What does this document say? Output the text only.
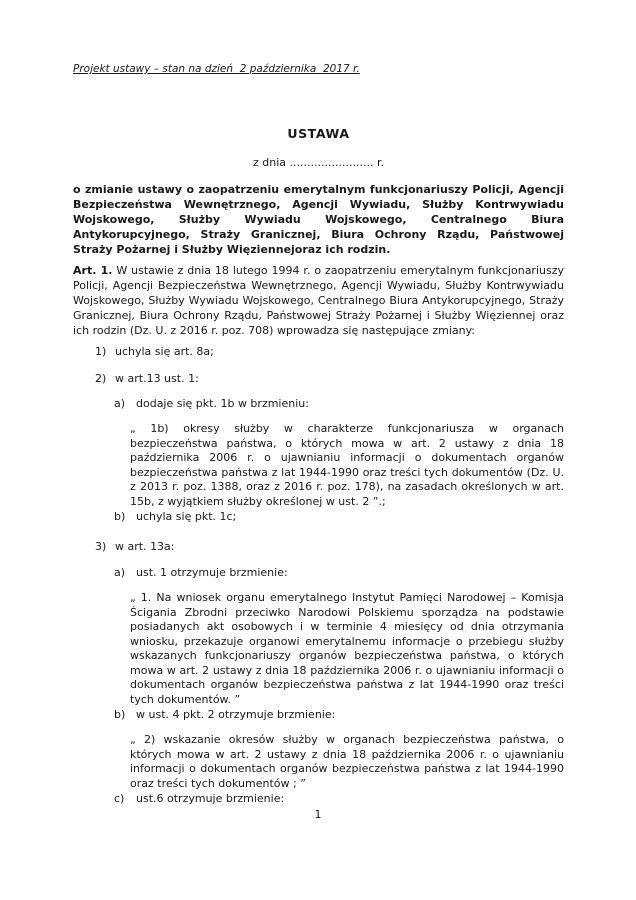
Projekt ustawy – stan na dzień  2 października  2017 r.

USTAWA

z dnia ........................ r.

o zmianie ustawy o zaopatrzeniu emerytalnym funkcjonariuszy Policji, Agencji Bezpieczeństwa Wewnętrznego, Agencji Wywiadu, Służby Kontrwywiadu Wojskowego, Służby Wywiadu Wojskowego, Centralnego Biura Antykorupcyjnego, Straży Granicznej, Biura Ochrony Rządu, Państwowej Straży Pożarnej i Służby Więziennejoraz ich rodzin.

Art. 1. W ustawie z dnia 18 lutego 1994 r. o zaopatrzeniu emerytalnym funkcjonariuszy Policji, Agencji Bezpieczeństwa Wewnętrznego, Agencji Wywiadu, Służby Kontrwywiadu Wojskowego, Służby Wywiadu Wojskowego, Centralnego Biura Antykorupcyjnego, Straży Granicznej, Biura Ochrony Rządu, Państwowej Straży Pożarnej i Służby Więziennej oraz ich rodzin (Dz. U. z 2016 r. poz. 708) wprowadza się następujące zmiany:

1) uchyla się art. 8a;
2) w art.13 ust. 1:
a) dodaje się pkt. 1b w brzmieniu:

„ 1b) okresy służby w charakterze funkcjonariusza w organach bezpieczeństwa państwa, o których mowa w art. 2 ustawy z dnia 18 października 2006 r. o ujawnianiu informacji o dokumentach organów bezpieczeństwa państwa z lat 1944-1990 oraz treści tych dokumentów (Dz. U. z 2013 r. poz. 1388, oraz z 2016 r. poz. 178), na zasadach określonych w art. 15b, z wyjątkiem służby określonej w ust. 2 ”.;

b) uchyla się pkt. 1c;
3) w art. 13a:
a) ust. 1 otrzymuje brzmienie:

„ 1. Na wniosek organu emerytalnego Instytut Pamięci Narodowej – Komisja Ścigania Zbrodni przeciwko Narodowi Polskiemu sporządza na podstawie posiadanych akt osobowych i w terminie 4 miesięcy od dnia otrzymania wniosku, przekazuje organowi emerytalnemu informacje o przebiegu służby wskazanych funkcjonariuszy organów bezpieczeństwa państwa, o których mowa w art. 2 ustawy z dnia 18 października 2006 r. o ujawnianiu informacji o dokumentach organów bezpieczeństwa państwa z lat 1944-1990 oraz treści tych dokumentów. ”

b) w ust. 4 pkt. 2 otrzymuje brzmienie:

„ 2) wskazanie okresów służby w organach bezpieczeństwa państwa, o których mowa w art. 2 ustawy z dnia 18 października 2006 r. o ujawnianiu informacji o dokumentach organów bezpieczeństwa państwa z lat 1944-1990 oraz treści tych dokumentów ; ”

c)	ust.6 otrzymuje brzmienie:
1
